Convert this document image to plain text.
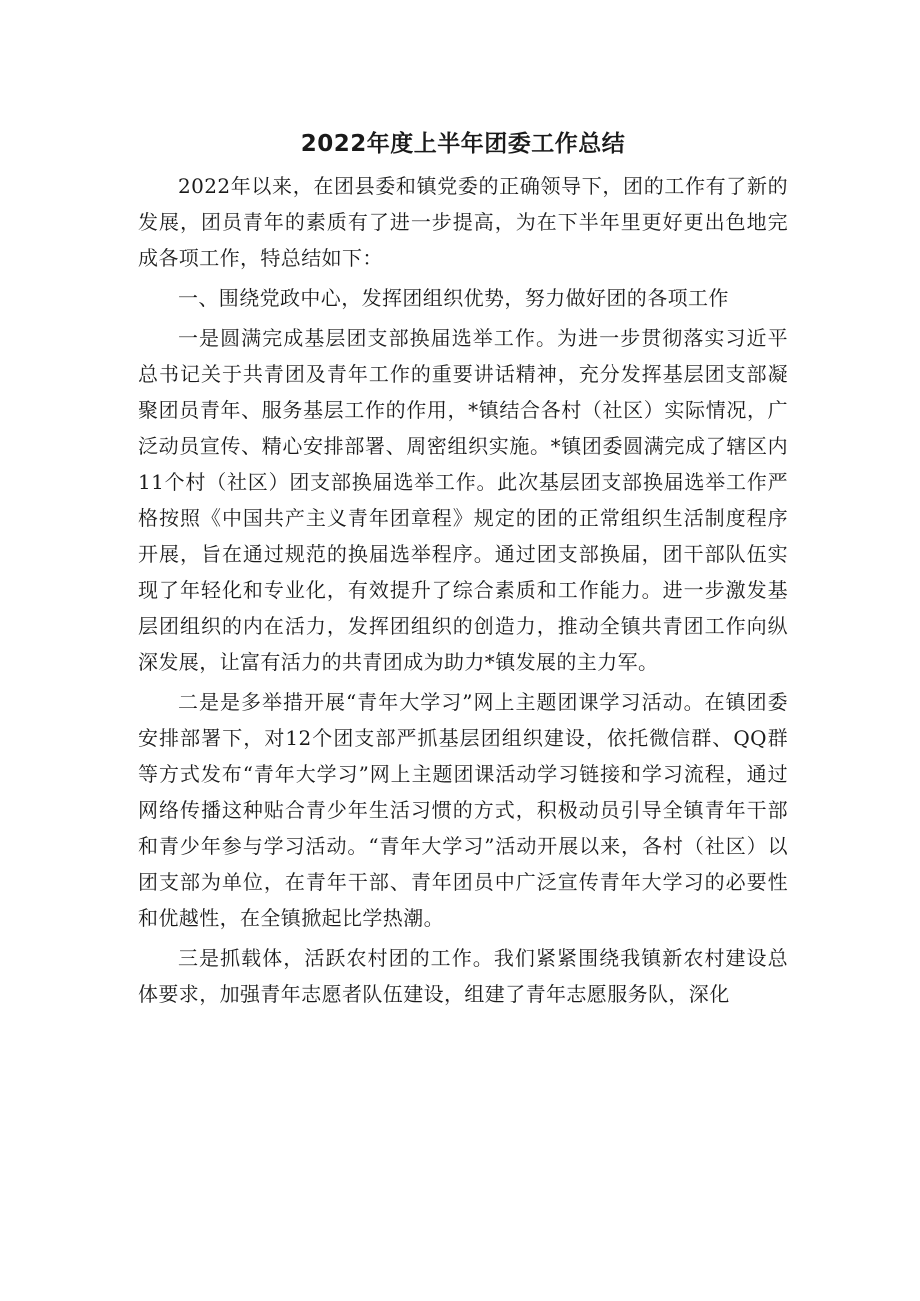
2022年度上半年团委工作总结

2022年以来，在团县委和镇党委的正确领导下，团的工作有了新的发展，团员青年的素质有了进一步提高，为在下半年里更好更出色地完成各项工作，特总结如下：

一、围绕党政中心，发挥团组织优势，努力做好团的各项工作

一是圆满完成基层团支部换届选举工作。为进一步贯彻落实习近平总书记关于共青团及青年工作的重要讲话精神，充分发挥基层团支部凝聚团员青年、服务基层工作的作用，*镇结合各村（社区）实际情况，广泛动员宣传、精心安排部署、周密组织实施。*镇团委圆满完成了辖区内11个村（社区）团支部换届选举工作。此次基层团支部换届选举工作严格按照《中国共产主义青年团章程》规定的团的正常组织生活制度程序开展，旨在通过规范的换届选举程序。通过团支部换届，团干部队伍实现了年轻化和专业化，有效提升了综合素质和工作能力。进一步激发基层团组织的内在活力，发挥团组织的创造力，推动全镇共青团工作向纵深发展，让富有活力的共青团成为助力*镇发展的主力军。

二是是多举措开展“青年大学习”网上主题团课学习活动。在镇团委安排部署下，对12个团支部严抓基层团组织建设，依托微信群、QQ群等方式发布“青年大学习”网上主题团课活动学习链接和学习流程，通过网络传播这种贴合青少年生活习惯的方式，积极动员引导全镇青年干部和青少年参与学习活动。“青年大学习”活动开展以来，各村（社区）以团支部为单位，在青年干部、青年团员中广泛宣传青年大学习的必要性和优越性，在全镇掀起比学热潮。

三是抓载体，活跃农村团的工作。我们紧紧围绕我镇新农村建设总体要求，加强青年志愿者队伍建设，组建了青年志愿服务队，深化
